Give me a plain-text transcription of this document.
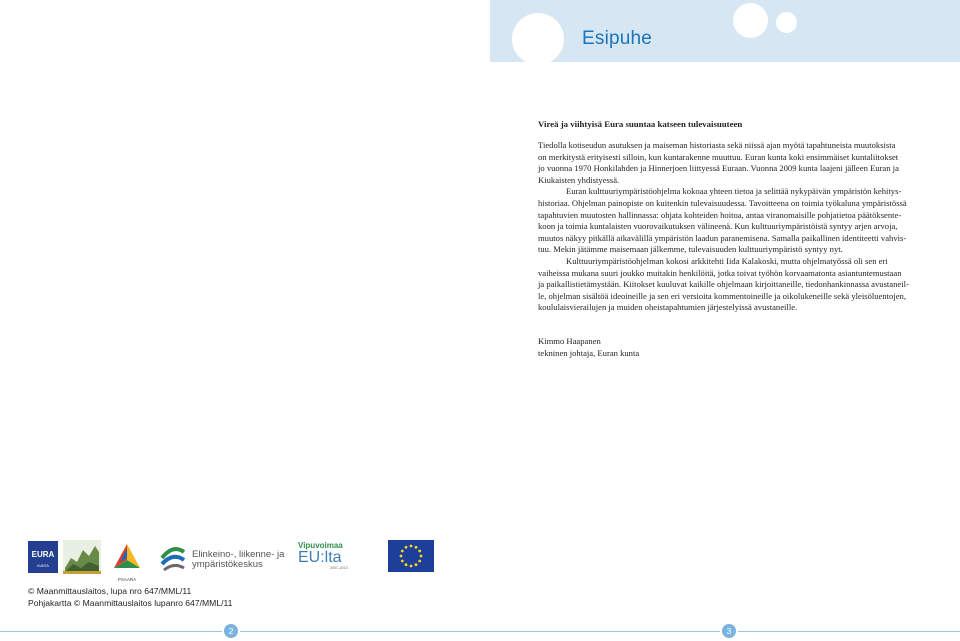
Esipuhe
Vireä ja viihtyisä Eura suuntaa katseen tulevaisuuteen
Tiedolla kotiseudun asutuksen ja maiseman historiasta sekä niissä ajan myötä tapahtuneista muutoksista
on merkitystä erityisesti silloin, kun kuntarakenne muuttuu. Euran kunta koki ensimmäiset kuntaliitokset
jo vuonna 1970 Honkilahden ja Hinnerjoen liittyessä Euraan. Vuonna 2009 kunta laajeni jälleen Euran ja
Kiukaisten yhdistyessä.
Euran kulttuuriympäristöohjelma kokoaa yhteen tietoa ja selittää nykypäivän ympäristön kehitys-
historiaa. Ohjelman painopiste on kuitenkin tulevaisuudessa. Tavoitteena on toimia työkaluna ympäristössä
tapahtuvien muutosten hallinnassa: ohjata kohteiden hoitoa, antaa viranomaisille pohjatietoa päätöksente-
koon ja toimia kuntalaisten vuorovaikutuksen välineenä. Kun kulttuuriympäristöistä syntyy arjen arvoja,
muutos näkyy pitkällä aikavälillä ympäristön laadun paranemisena. Samalla paikallinen identiteetti vahvis-
tuu. Mekin jätämme maisemaan jälkemme, tulevaisuuden kulttuuriympäristö syntyy nyt.
Kulttuuriympäristöohjelman kokosi arkkitehti Iida Kalakoski, mutta ohjelmatyössä oli sen eri
vaiheissa mukana suuri joukko muitakin henkilöitä, jotka toivat työhön korvaamatonta asiantuntemustaan
ja paikallistietämystään. Kiitokset kuuluvat kaikille ohjelmaan kirjoittaneille, tiedonhankinnassa avustaneil-
le, ohjelman sisältöä ideoineille ja sen eri versioita kommentoineille ja oikolukeneille sekä yleisöluentojen,
koululaisvierailujen ja muiden oheistapahtumien järjestelyissä avustaneille.
Kimmo Haapanen
tekninen johtaja, Euran kunta
EURA
KUNTA
PSAARA
Elinkeino-, liikenne- ja
ympäristökeskus
Vipuvoimaa
EU:lta
2007–2013
© Maanmittauslaitos, lupa nro 647/MML/11
Pohjakartta © Maanmittauslaitos lupanro 647/MML/11
2	3
